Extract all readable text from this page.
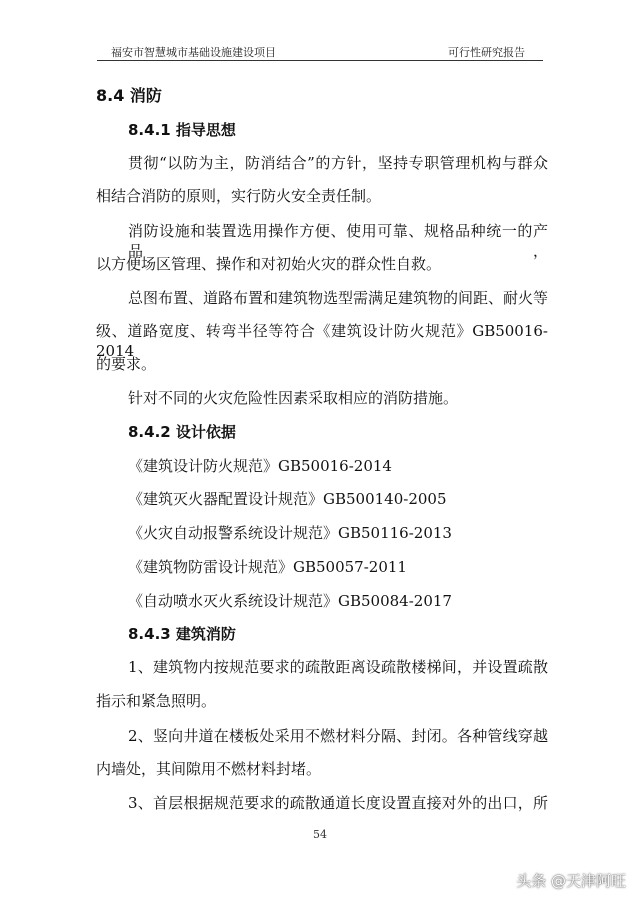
福安市智慧城市基础设施建设项目	可行性研究报告
8.4 消防
8.4.1 指导思想
贯彻“以防为主，防消结合”的方针，坚持专职管理机构与群众
相结合消防的原则，实行防火安全责任制。
消防设施和装置选用操作方便、使用可靠、规格品种统一的产品，
以方便场区管理、操作和对初始火灾的群众性自救。
总图布置、道路布置和建筑物选型需满足建筑物的间距、耐火等
级、道路宽度、转弯半径等符合《建筑设计防火规范》GB50016-2014
的要求。
针对不同的火灾危险性因素采取相应的消防措施。
8.4.2 设计依据
《建筑设计防火规范》GB50016-2014
《建筑灭火器配置设计规范》GB500140-2005
《火灾自动报警系统设计规范》GB50116-2013
《建筑物防雷设计规范》GB50057-2011
《自动喷水灭火系统设计规范》GB50084-2017
8.4.3 建筑消防
1、建筑物内按规范要求的疏散距离设疏散楼梯间，并设置疏散
指示和紧急照明。
2、竖向井道在楼板处采用不燃材料分隔、封闭。各种管线穿越
内墙处，其间隙用不燃材料封堵。
3、首层根据规范要求的疏散通道长度设置直接对外的出口，所
54
头条 @天津阿旺
